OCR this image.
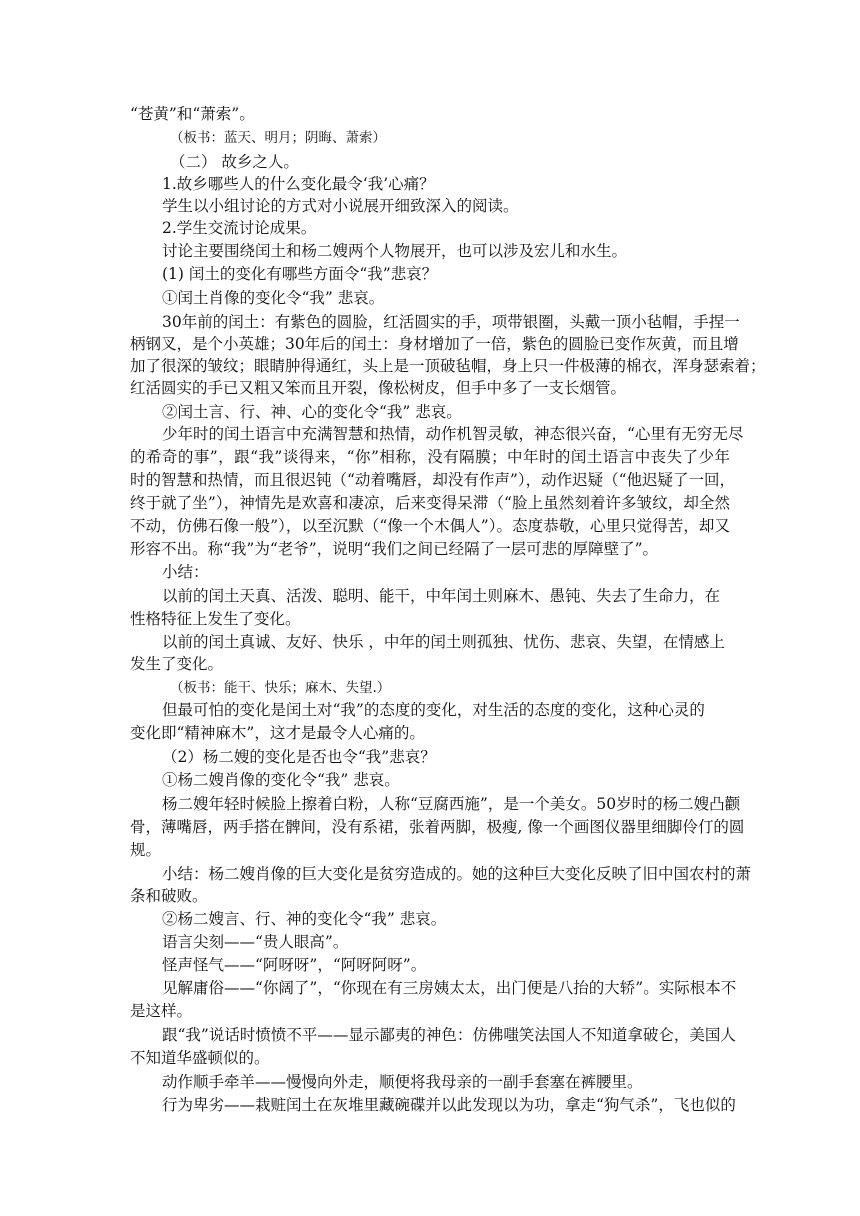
“苍黄”和“萧索”。

（板书：蓝天、明月；阴晦、萧索）

（二） 故乡之人。

1.故乡哪些人的什么变化最令‘我’心痛？

学生以小组讨论的方式对小说展开细致深入的阅读。

2.学生交流讨论成果。

讨论主要围绕闰土和杨二嫂两个人物展开，也可以涉及宏儿和水生。

(1) 闰土的变化有哪些方面令“我”悲哀？

①闰土肖像的变化令“我” 悲哀。

30年前的闰土：有紫色的圆脸，红活圆实的手，项带银圈，头戴一顶小毡帽，手捏一

柄钢叉，是个小英雄；30年后的闰土：身材增加了一倍，紫色的圆脸已变作灰黄，而且增

加了很深的皱纹；眼睛肿得通红，头上是一顶破毡帽，身上只一件极薄的棉衣，浑身瑟索着；

红活圆实的手已又粗又笨而且开裂，像松树皮，但手中多了一支长烟管。

②闰土言、行、神、心的变化令“我” 悲哀。

少年时的闰土语言中充满智慧和热情，动作机智灵敏，神态很兴奋，“心里有无穷无尽

的希奇的事”，跟“我”谈得来，“你”相称，没有隔膜；中年时的闰土语言中丧失了少年

时的智慧和热情，而且很迟钝（“动着嘴唇，却没有作声”），动作迟疑（“他迟疑了一回，

终于就了坐”），神情先是欢喜和凄凉，后来变得呆滞（“脸上虽然刻着许多皱纹，却全然

不动，仿佛石像一般”），以至沉默（“像一个木偶人”）。态度恭敬，心里只觉得苦，却又

形容不出。称“我”为“老爷”，说明“我们之间已经隔了一层可悲的厚障壁了”。

小结：

以前的闰土天真、活泼、聪明、能干，中年闰土则麻木、愚钝、失去了生命力，在

性格特征上发生了变化。

以前的闰土真诚、友好、快乐 ，中年的闰土则孤独、忧伤、悲哀、失望，在情感上

发生了变化。

（板书：能干、快乐；麻木、失望.）

但最可怕的变化是闰土对“我”的态度的变化，对生活的态度的变化，这种心灵的

变化即“精神麻木”，这才是最令人心痛的。

（2）杨二嫂的变化是否也令“我”悲哀？

①杨二嫂肖像的变化令“我” 悲哀。

杨二嫂年轻时候脸上擦着白粉，人称“豆腐西施”，是一个美女。50岁时的杨二嫂凸颧

骨，薄嘴唇，两手搭在髀间，没有系裙，张着两脚，极瘦, 像一个画图仪器里细脚伶仃的圆

规。

小结：杨二嫂肖像的巨大变化是贫穷造成的。她的这种巨大变化反映了旧中国农村的萧

条和破败。

②杨二嫂言、行、神的变化令“我” 悲哀。

语言尖刻——“贵人眼高”。

怪声怪气——“阿呀呀”，“阿呀阿呀”。

见解庸俗——“你阔了”，“你现在有三房姨太太，出门便是八抬的大轿”。实际根本不

是这样。

跟“我”说话时愤愤不平——显示鄙夷的神色：仿佛嗤笑法国人不知道拿破仑，美国人

不知道华盛顿似的。

动作顺手牵羊——慢慢向外走，顺便将我母亲的一副手套塞在裤腰里。

行为卑劣——栽赃闰土在灰堆里藏碗碟并以此发现以为功，拿走“狗气杀”，飞也似的
